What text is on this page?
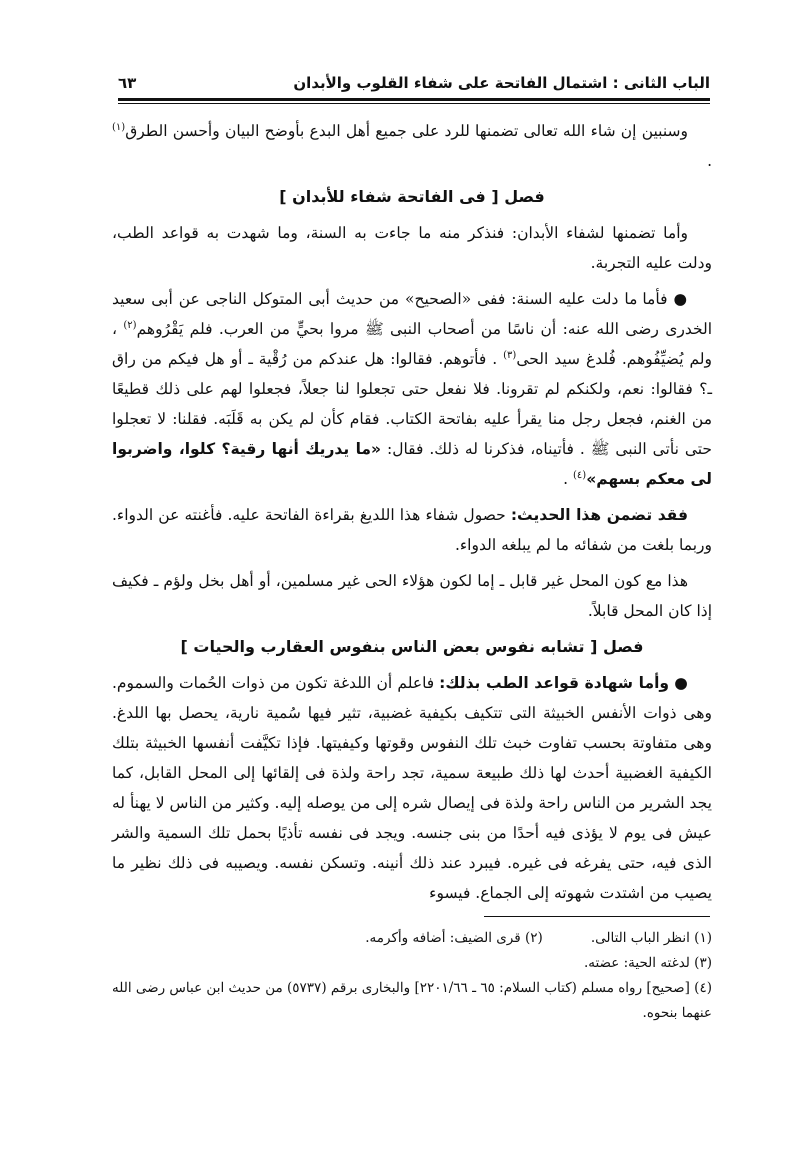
٦٣	الباب الثانى : اشتمال الفاتحة على شفاء القلوب والأبدان

وسنبين إن شاء الله تعالى تضمنها للرد على جميع أهل البدع بأوضح البيان وأحسن الطرق$^{(١)}$ .

فصل [ فى الفاتحة شفاء للأبدان ]

وأما تضمنها لشفاء الأبدان: فنذكر منه ما جاءت به السنة، وما شهدت به قواعد الطب، ودلت عليه التجربة.

● فأما ما دلت عليه السنة: ففى «الصحيح» من حديث أبى المتوكل الناجى عن أبى سعيد الخدرى رضى الله عنه: أن ناسًا من أصحاب النبى ﷺ مروا بحيٍّ من العرب. فلم يَقْرُوهم$^{(٢)}$ ، ولم يُضيِّفُوهم. فُلدغ سيد الحى$^{(٣)}$ . فأتوهم. فقالوا: هل عندكم من رُقْية ـ أو هل فيكم من راق ـ؟ فقالوا: نعم، ولكنكم لم تقرونا. فلا نفعل حتى تجعلوا لنا جعلاً، فجعلوا لهم على ذلك قطيعًا من الغنم، فجعل رجل منا يقرأ عليه بفاتحة الكتاب. فقام كأن لم يكن به قَلَبَه. فقلنا: لا تعجلوا حتى نأتى النبى ﷺ . فأتيناه، فذكرنا له ذلك. فقال: «ما يدريك أنها رقية؟ كلوا، واضربوا لى معكم بسهم»$^{(٤)}$ .

فقد تضمن هذا الحديث: حصول شفاء هذا اللديغ بقراءة الفاتحة عليه. فأغنته عن الدواء. وربما بلغت من شفائه ما لم يبلغه الدواء.

هذا مع كون المحل غير قابل ـ إما لكون هؤلاء الحى غير مسلمين، أو أهل بخل ولؤم ـ فكيف إذا كان المحل قابلاً.

فصل [ تشابه نفوس بعض الناس بنفوس العقارب والحيات ]

● وأما شهادة قواعد الطب بذلك: فاعلم أن اللدغة تكون من ذوات الحُمات والسموم. وهى ذوات الأنفس الخبيثة التى تتكيف بكيفية غضبية، تثير فيها سُمية نارية، يحصل بها اللدغ. وهى متفاوتة بحسب تفاوت خبث تلك النفوس وقوتها وكيفيتها. فإذا تكيَّفت أنفسها الخبيثة بتلك الكيفية الغضبية أحدث لها ذلك طبيعة سمية، تجد راحة ولذة فى إلقائها إلى المحل القابل، كما يجد الشرير من الناس راحة ولذة فى إيصال شره إلى من يوصله إليه. وكثير من الناس لا يهنأ له عيش فى يوم لا يؤذى فيه أحدًا من بنى جنسه. ويجد فى نفسه تأذيًا بحمل تلك السمية والشر الذى فيه، حتى يفرغه فى غيره. فيبرد عند ذلك أنينه. وتسكن نفسه. ويصيبه فى ذلك نظير ما يصيب من اشتدت شهوته إلى الجماع. فيسوء

(١) انظر الباب التالى.
(٢) قرى الضيف: أضافه وأكرمه.
(٣) لدغته الحية: عضته.
(٤) [صحيح] رواه مسلم (كتاب السلام: ٦٥ ـ ٢٢٠١/٦٦] والبخارى برقم (٥٧٣٧) من حديث ابن عباس رضى الله عنهما بنحوه.
